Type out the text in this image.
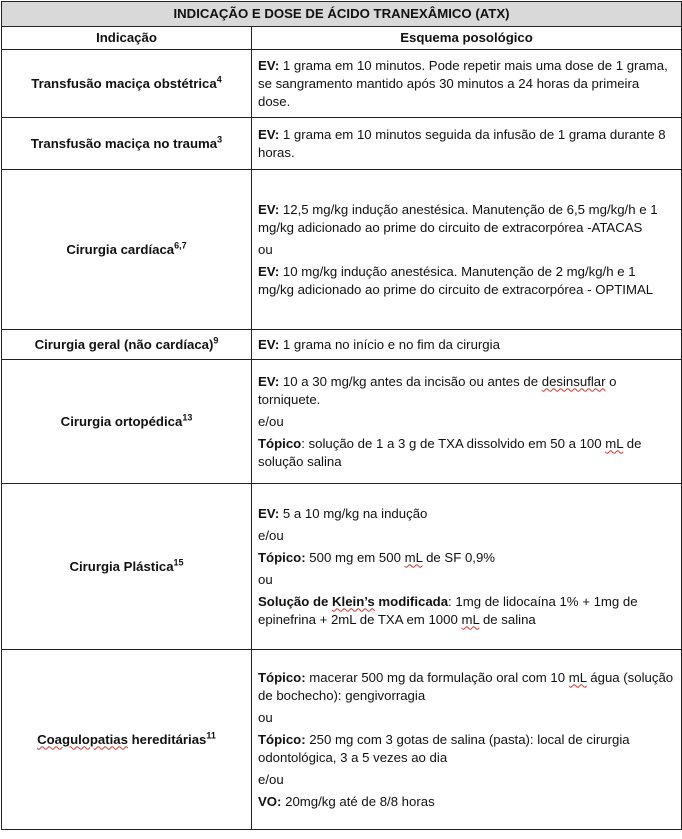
INDICAÇÃO E DOSE DE ÁCIDO TRANEXÂMICO (ATX)	
Indicação	Esquema posológico
Transfusão maciça obstétrica$^4$	EV: 1 grama em 10 minutos. Pode repetir mais uma dose de 1 grama, se sangramento mantido após 30 minutos a 24 horas da primeira dose.

Transfusão maciça no trauma$^3$	EV: 1 grama em 10 minutos seguida da infusão de 1 grama durante 8 horas.

Cirurgia cardíaca$^{6,7}$	EV: 12,5 mg/kg indução anestésica. Manutenção de 6,5 mg/kg/h e 1 mg/kg adicionado ao prime do circuito de extracorpórea -ATACAS

ou

EV: 10 mg/kg indução anestésica. Manutenção de 2 mg/kg/h e 1 mg/kg adicionado ao prime do circuito de extracorpórea - OPTIMAL

Cirurgia geral (não cardíaca)$^9$	EV: 1 grama no início e no fim da cirurgia

Cirurgia ortopédica$^{13}$	EV: 10 a 30 mg/kg antes da incisão ou antes de desinsuflar o torniquete.

e/ou

Tópico: solução de 1 a 3 g de TXA dissolvido em 50 a 100 mL de solução salina

Cirurgia Plástica$^{15}$	EV: 5 a 10 mg/kg na indução

e/ou

Tópico: 500 mg em 500 mL de SF 0,9%

ou

Solução de Klein’s modificada: 1mg de lidocaína 1% + 1mg de epinefrina + 2mL de TXA em 1000 mL de salina

Coagulopatias hereditárias$^{11}$	Tópico: macerar 500 mg da formulação oral com 10 mL água (solução de bochecho): gengivorragia

ou

Tópico: 250 mg com 3 gotas de salina (pasta): local de cirurgia odontológica, 3 a 5 vezes ao dia

e/ou

VO: 20mg/kg até de 8/8 horas
